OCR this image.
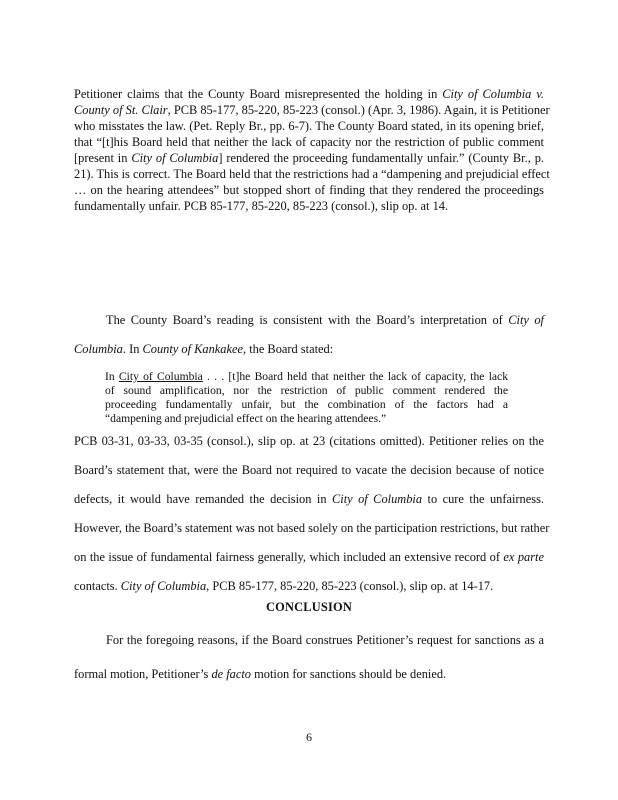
Petitioner claims that the County Board misrepresented the holding in City of Columbia v.
County of St. Clair, PCB 85-177, 85-220, 85-223 (consol.) (Apr. 3, 1986). Again, it is Petitioner
who misstates the law. (Pet. Reply Br., pp. 6-7). The County Board stated, in its opening brief,
that “[t]his Board held that neither the lack of capacity nor the restriction of public comment
[present in City of Columbia] rendered the proceeding fundamentally unfair.” (County Br., p.
21). This is correct. The Board held that the restrictions had a “dampening and prejudicial effect
… on the hearing attendees” but stopped short of finding that they rendered the proceedings
fundamentally unfair. PCB 85-177, 85-220, 85-223 (consol.), slip op. at 14.
The County Board’s reading is consistent with the Board’s interpretation of City of
Columbia. In County of Kankakee, the Board stated:
In City of Columbia . . . [t]he Board held that neither the lack of capacity, the lack
of sound amplification, nor the restriction of public comment rendered the
proceeding fundamentally unfair, but the combination of the factors had a
“dampening and prejudicial effect on the hearing attendees.”
PCB 03-31, 03-33, 03-35 (consol.), slip op. at 23 (citations omitted). Petitioner relies on the
Board’s statement that, were the Board not required to vacate the decision because of notice
defects, it would have remanded the decision in City of Columbia to cure the unfairness.
However, the Board’s statement was not based solely on the participation restrictions, but rather
on the issue of fundamental fairness generally, which included an extensive record of ex parte
contacts. City of Columbia, PCB 85-177, 85-220, 85-223 (consol.), slip op. at 14-17.
CONCLUSION
For the foregoing reasons, if the Board construes Petitioner’s request for sanctions as a
formal motion, Petitioner’s de facto motion for sanctions should be denied.
6
